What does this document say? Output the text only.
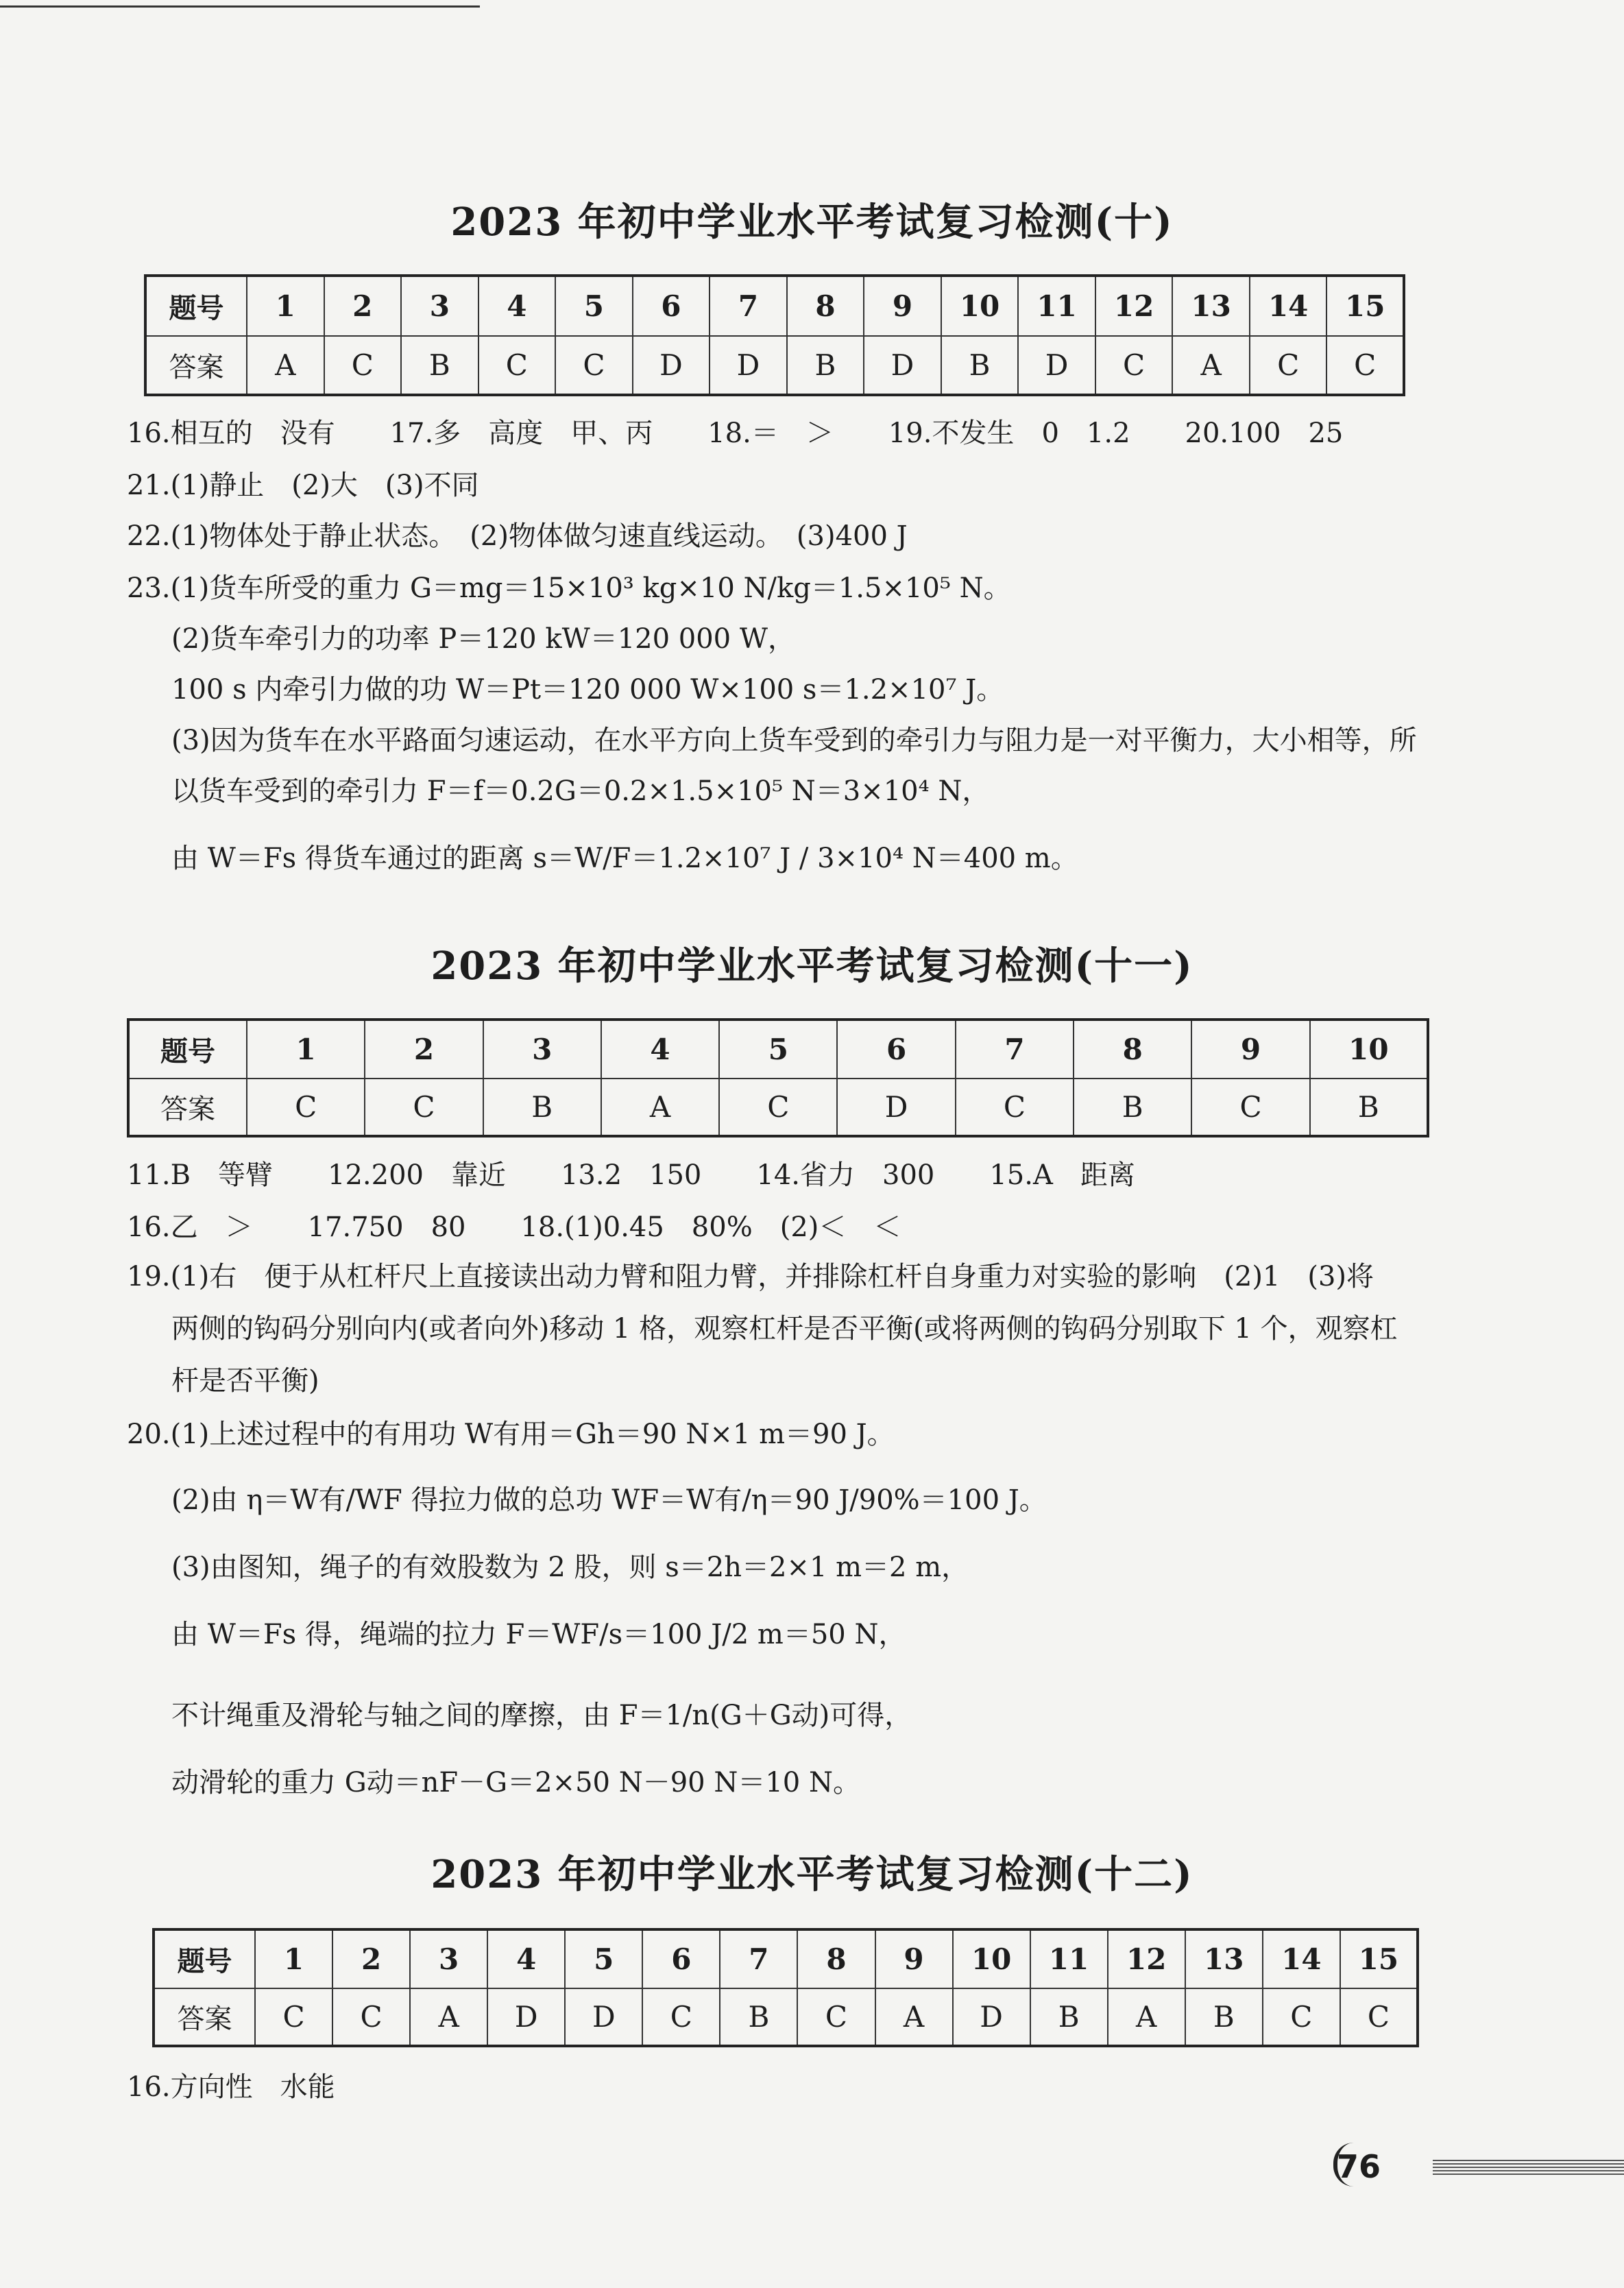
2023 年初中学业水平考试复习检测(十)
题号	1	2	3	4	5	6	7	8	9	10	11	12	13	14	15
答案	A	C	B	C	C	D	D	B	D	B	D	C	A	C	C
16.相互的　没有　　17.多　高度　甲、丙　　18.＝　＞　　19.不发生　0　1.2　　20.100　25
21.(1)静止　(2)大　(3)不同
22.(1)物体处于静止状态。　(2)物体做匀速直线运动。　(3)400 J
23.(1)货车所受的重力 G＝mg＝15×10³ kg×10 N/kg＝1.5×10⁵ N。
(2)货车牵引力的功率 P＝120 kW＝120 000 W，
100 s 内牵引力做的功 W＝Pt＝120 000 W×100 s＝1.2×10⁷ J。
(3)因为货车在水平路面匀速运动，在水平方向上货车受到的牵引力与阻力是一对平衡力，大小相等，所
以货车受到的牵引力 F＝f＝0.2G＝0.2×1.5×10⁵ N＝3×10⁴ N，
由 W＝Fs 得货车通过的距离 s＝W/F＝1.2×10⁷ J / 3×10⁴ N＝400 m。
2023 年初中学业水平考试复习检测(十一)
题号	1	2	3	4	5	6	7	8	9	10
答案	C	C	B	A	C	D	C	B	C	B
11.B　等臂　　12.200　靠近　　13.2　150　　14.省力　300　　15.A　距离
16.乙　＞　　17.750　80　　18.(1)0.45　80%　(2)＜　＜
19.(1)右　便于从杠杆尺上直接读出动力臂和阻力臂，并排除杠杆自身重力对实验的影响　(2)1　(3)将
两侧的钩码分别向内(或者向外)移动 1 格，观察杠杆是否平衡(或将两侧的钩码分别取下 1 个，观察杠
杆是否平衡)
20.(1)上述过程中的有用功 W有用＝Gh＝90 N×1 m＝90 J。
(2)由 η＝W有/WF 得拉力做的总功 WF＝W有/η＝90 J/90%＝100 J。
(3)由图知，绳子的有效股数为 2 股，则 s＝2h＝2×1 m＝2 m，
由 W＝Fs 得，绳端的拉力 F＝WF/s＝100 J/2 m＝50 N，
不计绳重及滑轮与轴之间的摩擦，由 F＝1/n(G＋G动)可得，
动滑轮的重力 G动＝nF－G＝2×50 N－90 N＝10 N。
2023 年初中学业水平考试复习检测(十二)
题号	1	2	3	4	5	6	7	8	9	10	11	12	13	14	15
答案	C	C	A	D	D	C	B	C	A	D	B	A	B	C	C
16.方向性　水能
76
